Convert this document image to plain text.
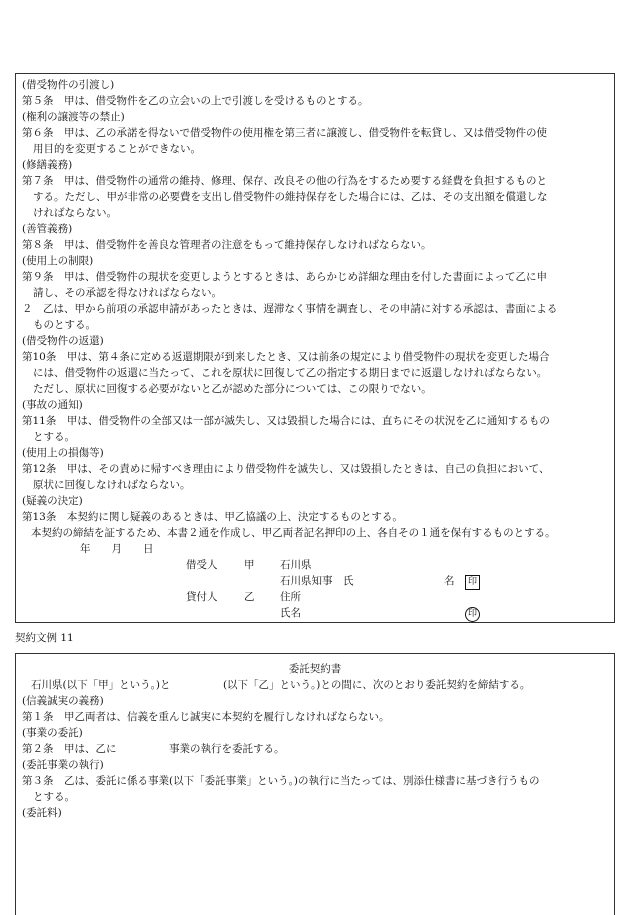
(借受物件の引渡し)
第５条　甲は、借受物件を乙の立会いの上で引渡しを受けるものとする。
(権利の譲渡等の禁止)
第６条　甲は、乙の承諾を得ないで借受物件の使用権を第三者に譲渡し、借受物件を転貸し、又は借受物件の使
用目的を変更することができない。
(修繕義務)
第７条　甲は、借受物件の通常の維持、修理、保存、改良その他の行為をするため要する経費を負担するものと
する。ただし、甲が非常の必要費を支出し借受物件の維持保存をした場合には、乙は、その支出額を償還しな
ければならない。
(善管義務)
第８条　甲は、借受物件を善良な管理者の注意をもって維持保存しなければならない。
(使用上の制限)
第９条　甲は、借受物件の現状を変更しようとするときは、あらかじめ詳細な理由を付した書面によって乙に申
請し、その承認を得なければならない。
２　乙は、甲から前項の承認申請があったときは、遅滞なく事情を調査し、その申請に対する承認は、書面による
ものとする。
(借受物件の返還)
第10条　甲は、第４条に定める返還期限が到来したとき、又は前条の規定により借受物件の現状を変更した場合
には、借受物件の返還に当たって、これを原状に回復して乙の指定する期日までに返還しなければならない。
ただし、原状に回復する必要がないと乙が認めた部分については、この限りでない。
(事故の通知)
第11条　甲は、借受物件の全部又は一部が滅失し、又は毀損した場合には、直ちにその状況を乙に通知するもの
とする。
(使用上の損傷等)
第12条　甲は、その責めに帰すべき理由により借受物件を滅失し、又は毀損したときは、自己の負担において、
原状に回復しなければならない。
(疑義の決定)
第13条　本契約に関し疑義のあるときは、甲乙協議の上、決定するものとする。
本契約の締結を証するため、本書２通を作成し、甲乙両者記名押印の上、各自その１通を保有するものとする。
年　　月　　日
借受人	甲 石川県
石川県知事　氏	名	印
貸付人	乙 住所
氏名	印
契約文例 11
委託契約書
石川県(以下「甲」という。)と　　　　　(以下「乙」という。)との間に、次のとおり委託契約を締結する。
(信義誠実の義務)
第１条　甲乙両者は、信義を重んじ誠実に本契約を履行しなければならない。
(事業の委託)
第２条　甲は、乙に　　　　　事業の執行を委託する。
(委託事業の執行)
第３条　乙は、委託に係る事業(以下「委託事業」という。)の執行に当たっては、別添仕様書に基づき行うもの
とする。
(委託料)
